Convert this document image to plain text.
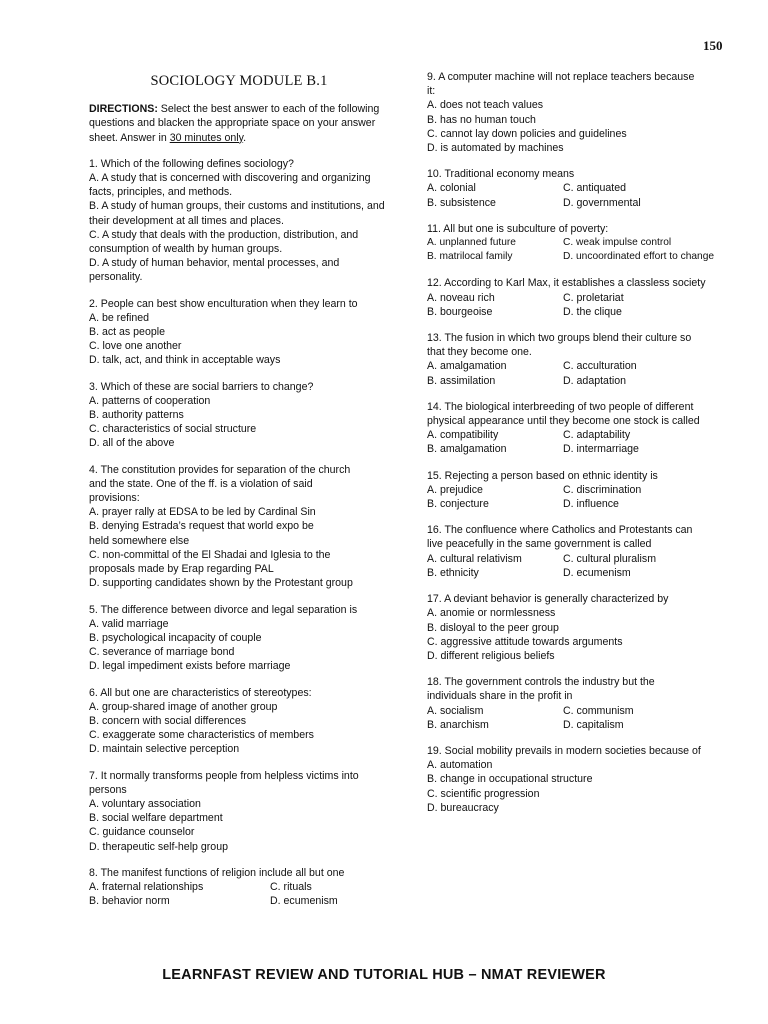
150
SOCIOLOGY MODULE B.1
DIRECTIONS: Select the best answer to each of the following questions and blacken the appropriate space on your answer sheet. Answer in 30 minutes only.
1. Which of the following defines sociology?
A. A study that is concerned with discovering and organizing facts, principles, and methods.
B. A study of human groups, their customs and institutions, and their development at all times and places.
C. A study that deals with the production, distribution, and consumption of wealth by human groups.
D. A study of human behavior, mental processes, and personality.
2. People can best show enculturation when they learn to
A. be refined
B. act as people
C. love one another
D. talk, act, and think in acceptable ways
3. Which of these are social barriers to change?
A. patterns of cooperation
B. authority patterns
C. characteristics of social structure
D. all of the above
4. The constitution provides for separation of the church
and the state. One of the ff. is a violation of said
provisions:
A. prayer rally at EDSA to be led by Cardinal Sin
B. denying Estrada’s request that world expo be
held somewhere else
C. non-committal of the El Shadai and Iglesia to the
proposals made by Erap regarding PAL
D. supporting candidates shown by the Protestant group
5. The difference between divorce and legal separation is
A. valid marriage
B. psychological incapacity of couple
C. severance of marriage bond
D. legal impediment exists before marriage
6. All but one are characteristics of stereotypes:
A. group-shared image of another group
B. concern with social differences
C. exaggerate some characteristics of members
D. maintain selective perception
7. It normally transforms people from helpless victims into
persons
A. voluntary association
B. social welfare department
C. guidance counselor
D. therapeutic self-help group
8. The manifest functions of religion include all but one
A. fraternal relationships	C. rituals
B. behavior norm	D. ecumenism
9. A computer machine will not replace teachers because
it:
A. does not teach values
B. has no human touch
C. cannot lay down policies and guidelines
D. is automated by machines
10. Traditional economy means
A. colonial	C. antiquated
B. subsistence	D. governmental
11. All but one is subculture of poverty:
A. unplanned future	C. weak impulse control
B. matrilocal family	D. uncoordinated effort to change
12. According to Karl Max, it establishes a classless society
A. noveau rich	C. proletariat
B. bourgeoise	D. the clique
13. The fusion in which two groups blend their culture so
that they become one.
A. amalgamation	C. acculturation
B. assimilation	D. adaptation
14. The biological interbreeding of two people of different
physical appearance until they become one stock is called
A. compatibility	C. adaptability
B. amalgamation	D. intermarriage
15. Rejecting a person based on ethnic identity is
A. prejudice	C. discrimination
B. conjecture	D. influence
16. The confluence where Catholics and Protestants can
live peacefully in the same government is called
A. cultural relativism	C. cultural pluralism
B. ethnicity	D. ecumenism
17. A deviant behavior is generally characterized by
A. anomie or normlessness
B. disloyal to the peer group
C. aggressive attitude towards arguments
D. different religious beliefs
18. The government controls the industry but the
individuals share in the profit in
A. socialism	C. communism
B. anarchism	D. capitalism
19. Social mobility prevails in modern societies because of
A. automation
B. change in occupational structure
C. scientific progression
D. bureaucracy
LEARNFAST REVIEW AND TUTORIAL HUB – NMAT REVIEWER
